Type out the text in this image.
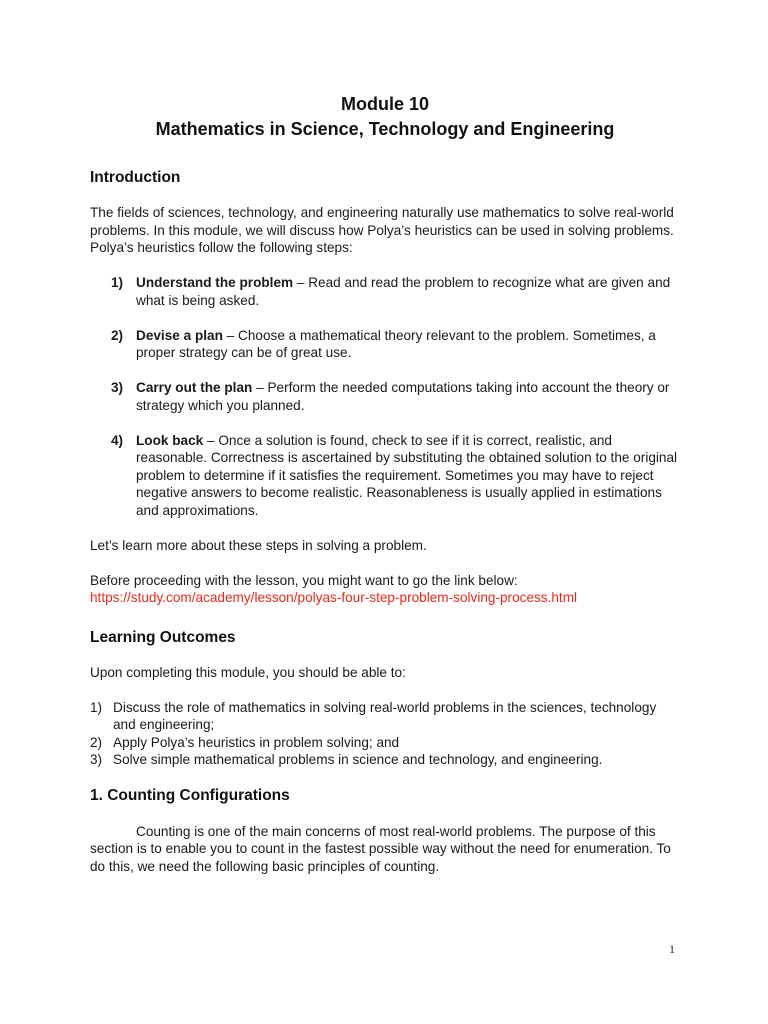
Module 10
Mathematics in Science, Technology and Engineering
Introduction

The fields of sciences, technology, and engineering naturally use mathematics to solve real-world problems. In this module, we will discuss how Polya’s heuristics can be used in solving problems. Polya’s heuristics follow the following steps:

1) Understand the problem – Read and read the problem to recognize what are given and what is being asked.
2) Devise a plan – Choose a mathematical theory relevant to the problem. Sometimes, a proper strategy can be of great use.
3) Carry out the plan – Perform the needed computations taking into account the theory or strategy which you planned.
4) Look back – Once a solution is found, check to see if it is correct, realistic, and reasonable. Correctness is ascertained by substituting the obtained solution to the original problem to determine if it satisfies the requirement. Sometimes you may have to reject negative answers to become realistic. Reasonableness is usually applied in estimations and approximations.

Let’s learn more about these steps in solving a problem.

Before proceeding with the lesson, you might want to go the link below:

https://study.com/academy/lesson/polyas-four-step-problem-solving-process.html

Learning Outcomes

Upon completing this module, you should be able to:

1) Discuss the role of mathematics in solving real-world problems in the sciences, technology and engineering;
2) Apply Polya’s heuristics in problem solving; and
3) Solve simple mathematical problems in science and technology, and engineering.
1. Counting Configurations

Counting is one of the main concerns of most real-world problems. The purpose of this section is to enable you to count in the fastest possible way without the need for enumeration. To do this, we need the following basic principles of counting.

1
